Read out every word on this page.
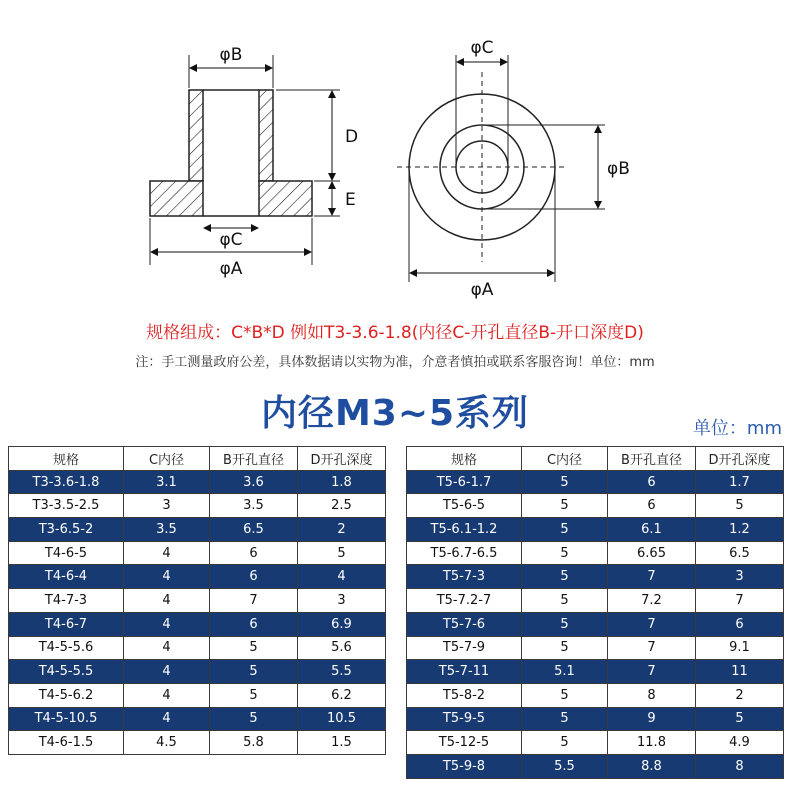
φB
φC
φA
D
E
φC
φB
φA
规格组成：C*B*D 例如T3-3.6-1.8(内径C-开孔直径B-开口深度D)
注：手工测量政府公差，具体数据请以实物为准，介意者慎拍或联系客服咨询！单位：mm
内径M3~5系列	单位：mm
规格	C内径	B开孔直径	D开孔深度
T3-3.6-1.8	3.1	3.6	1.8
T3-3.5-2.5	3	3.5	2.5
T3-6.5-2	3.5	6.5	2
T4-6-5	4	6	5
T4-6-4	4	6	4
T4-7-3	4	7	3
T4-6-7	4	6	6.9
T4-5-5.6	4	5	5.6
T4-5-5.5	4	5	5.5
T4-5-6.2	4	5	6.2
T4-5-10.5	4	5	10.5
T4-6-1.5	4.5	5.8	1.5
规格	C内径	B开孔直径	D开孔深度
T5-6-1.7	5	6	1.7
T5-6-5	5	6	5
T5-6.1-1.2	5	6.1	1.2
T5-6.7-6.5	5	6.65	6.5
T5-7-3	5	7	3
T5-7.2-7	5	7.2	7
T5-7-6	5	7	6
T5-7-9	5	7	9.1
T5-7-11	5.1	7	11
T5-8-2	5	8	2
T5-9-5	5	9	5
T5-12-5	5	11.8	4.9
T5-9-8	5.5	8.8	8
